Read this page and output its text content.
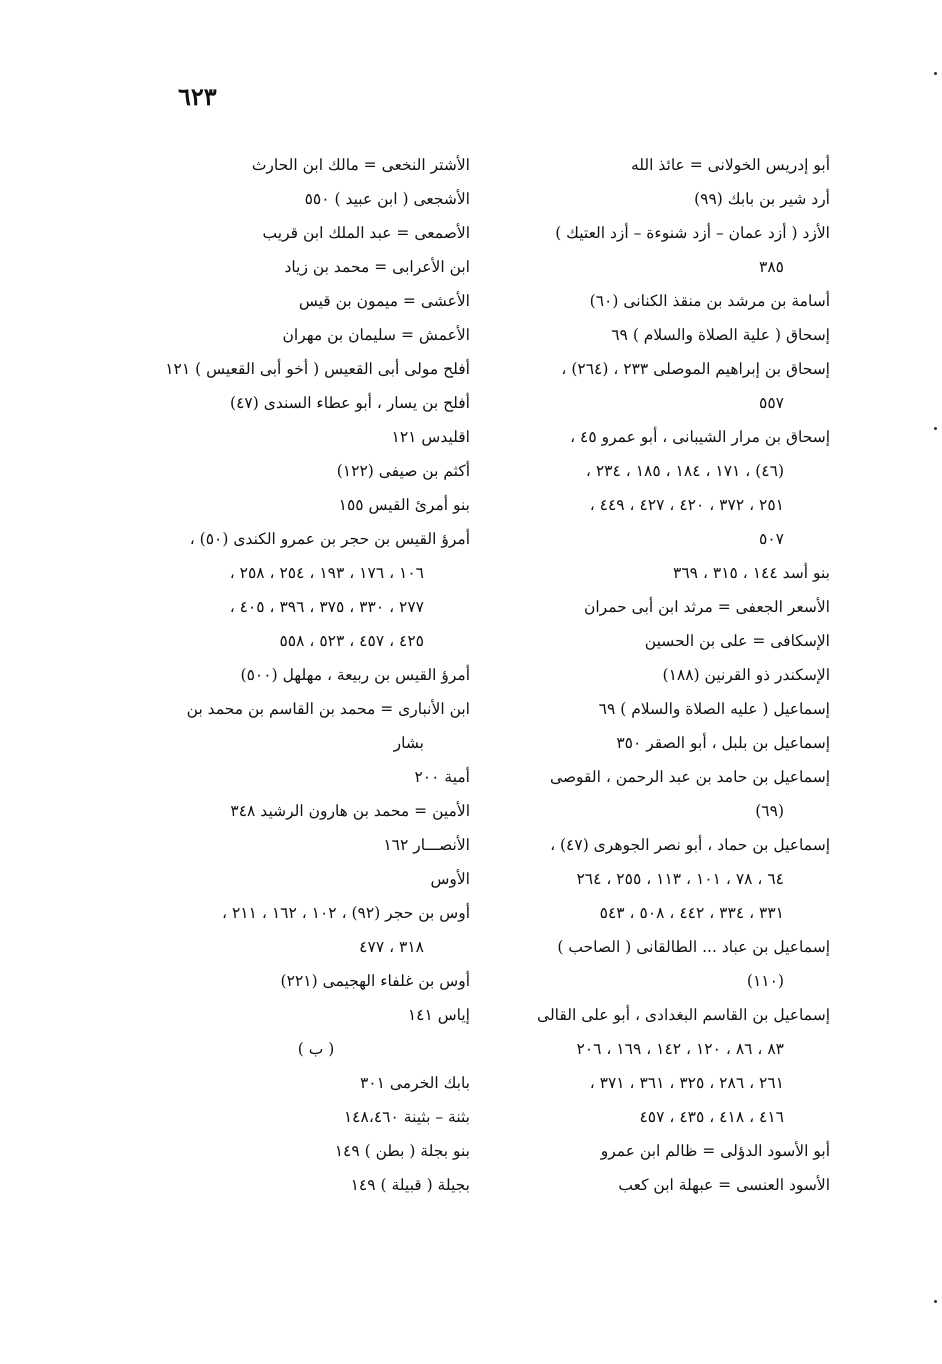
٦٢٣
أبو إدريس الخولانى = عائذ الله
أرد شير بن بابك (٩٩)
الأزد ( أزد عمان – أزد شنوءة – أزد العتيك )
٣٨٥
أسامة بن مرشد بن منقذ الكنانى (٦٠)
إسحاق ( علية الصلاة والسلام ) ٦٩
إسحاق بن إبراهيم الموصلى ٢٣٣ ، (٢٦٤) ،
٥٥٧
إسحاق بن مرار الشيبانى ، أبو عمرو ٤٥ ،
(٤٦) ، ١٧١ ، ١٨٤ ، ١٨٥ ، ٢٣٤ ،
٢٥١ ، ٣٧٢ ، ٤٢٠ ، ٤٢٧ ، ٤٤٩ ،
٥٠٧
بنو أسد ١٤٤ ، ٣١٥ ، ٣٦٩
الأسعر الجعفى = مرثد ابن أبى حمران
الإسكافى = على بن الحسين
الإسكندر ذو القرنين (١٨٨)
إسماعيل ( عليه الصلاة والسلام ) ٦٩
إسماعيل بن بلبل ، أبو الصقر ٣٥٠
إسماعيل بن حامد بن عبد الرحمن ، القوصى
(٦٩)
إسماعيل بن حماد ، أبو نصر الجوهرى (٤٧) ،
٦٤ ، ٧٨ ، ١٠١ ، ١١٣ ، ٢٥٥ ، ٢٦٤
٣٣١ ، ٣٣٤ ، ٤٤٢ ، ٥٠٨ ، ٥٤٣
إسماعيل بن عباد ... الطالقانى ( الصاحب )
(١١٠)
إسماعيل بن القاسم البغدادى ، أبو على القالى
٨٣ ، ٨٦ ، ١٢٠ ، ١٤٢ ، ١٦٩ ، ٢٠٦
٢٦١ ، ٢٨٦ ، ٣٢٥ ، ٣٦١ ، ٣٧١ ،
٤١٦ ، ٤١٨ ، ٤٣٥ ، ٤٥٧
أبو الأسود الدؤلى = ظالم ابن عمرو
الأسود العنسى = عبهلة ابن كعب
الأشتر النخعى = مالك ابن الحارث
الأشجعى ( ابن عبيد ) ٥٥٠
الأصمعى = عبد الملك ابن قريب
ابن الأعرابى = محمد بن زياد
الأعشى = ميمون بن قيس
الأعمش = سليمان بن مهران
أفلح مولى أبى القعيس ( أخو أبى القعيس ) ١٢١
أفلح بن يسار ، أبو عطاء السندى (٤٧)
اقليدس ١٢١
أكثم بن صيفى (١٢٢)
بنو أمرئ القيس ١٥٥
أمرؤ القيس بن حجر بن عمرو الكندى (٥٠) ،
١٠٦ ، ١٧٦ ، ١٩٣ ، ٢٥٤ ، ٢٥٨ ،
٢٧٧ ، ٣٣٠ ، ٣٧٥ ، ٣٩٦ ، ٤٠٥ ،
٤٢٥ ، ٤٥٧ ، ٥٢٣ ، ٥٥٨
أمرؤ القيس بن ربيعة ، مهلهل (٥٠٠)
ابن الأنبارى = محمد بن القاسم بن محمد بن
بشار
أمية ٢٠٠
الأمين = محمد بن هارون الرشيد ٣٤٨
الأنصـــار ١٦٢
الأوس
أوس بن حجر (٩٢) ، ١٠٢ ، ١٦٢ ، ٢١١ ،
٣١٨ ، ٤٧٧
أوس بن غلفاء الهجيمى (٢٢١)
إياس ١٤١
( ب )
بابك الخرمى ٣٠١
بثنة – بثينة ١٤٨،٤٦٠
بنو بجلة ( بطن ) ١٤٩
بجيلة ( قبيلة ) ١٤٩
